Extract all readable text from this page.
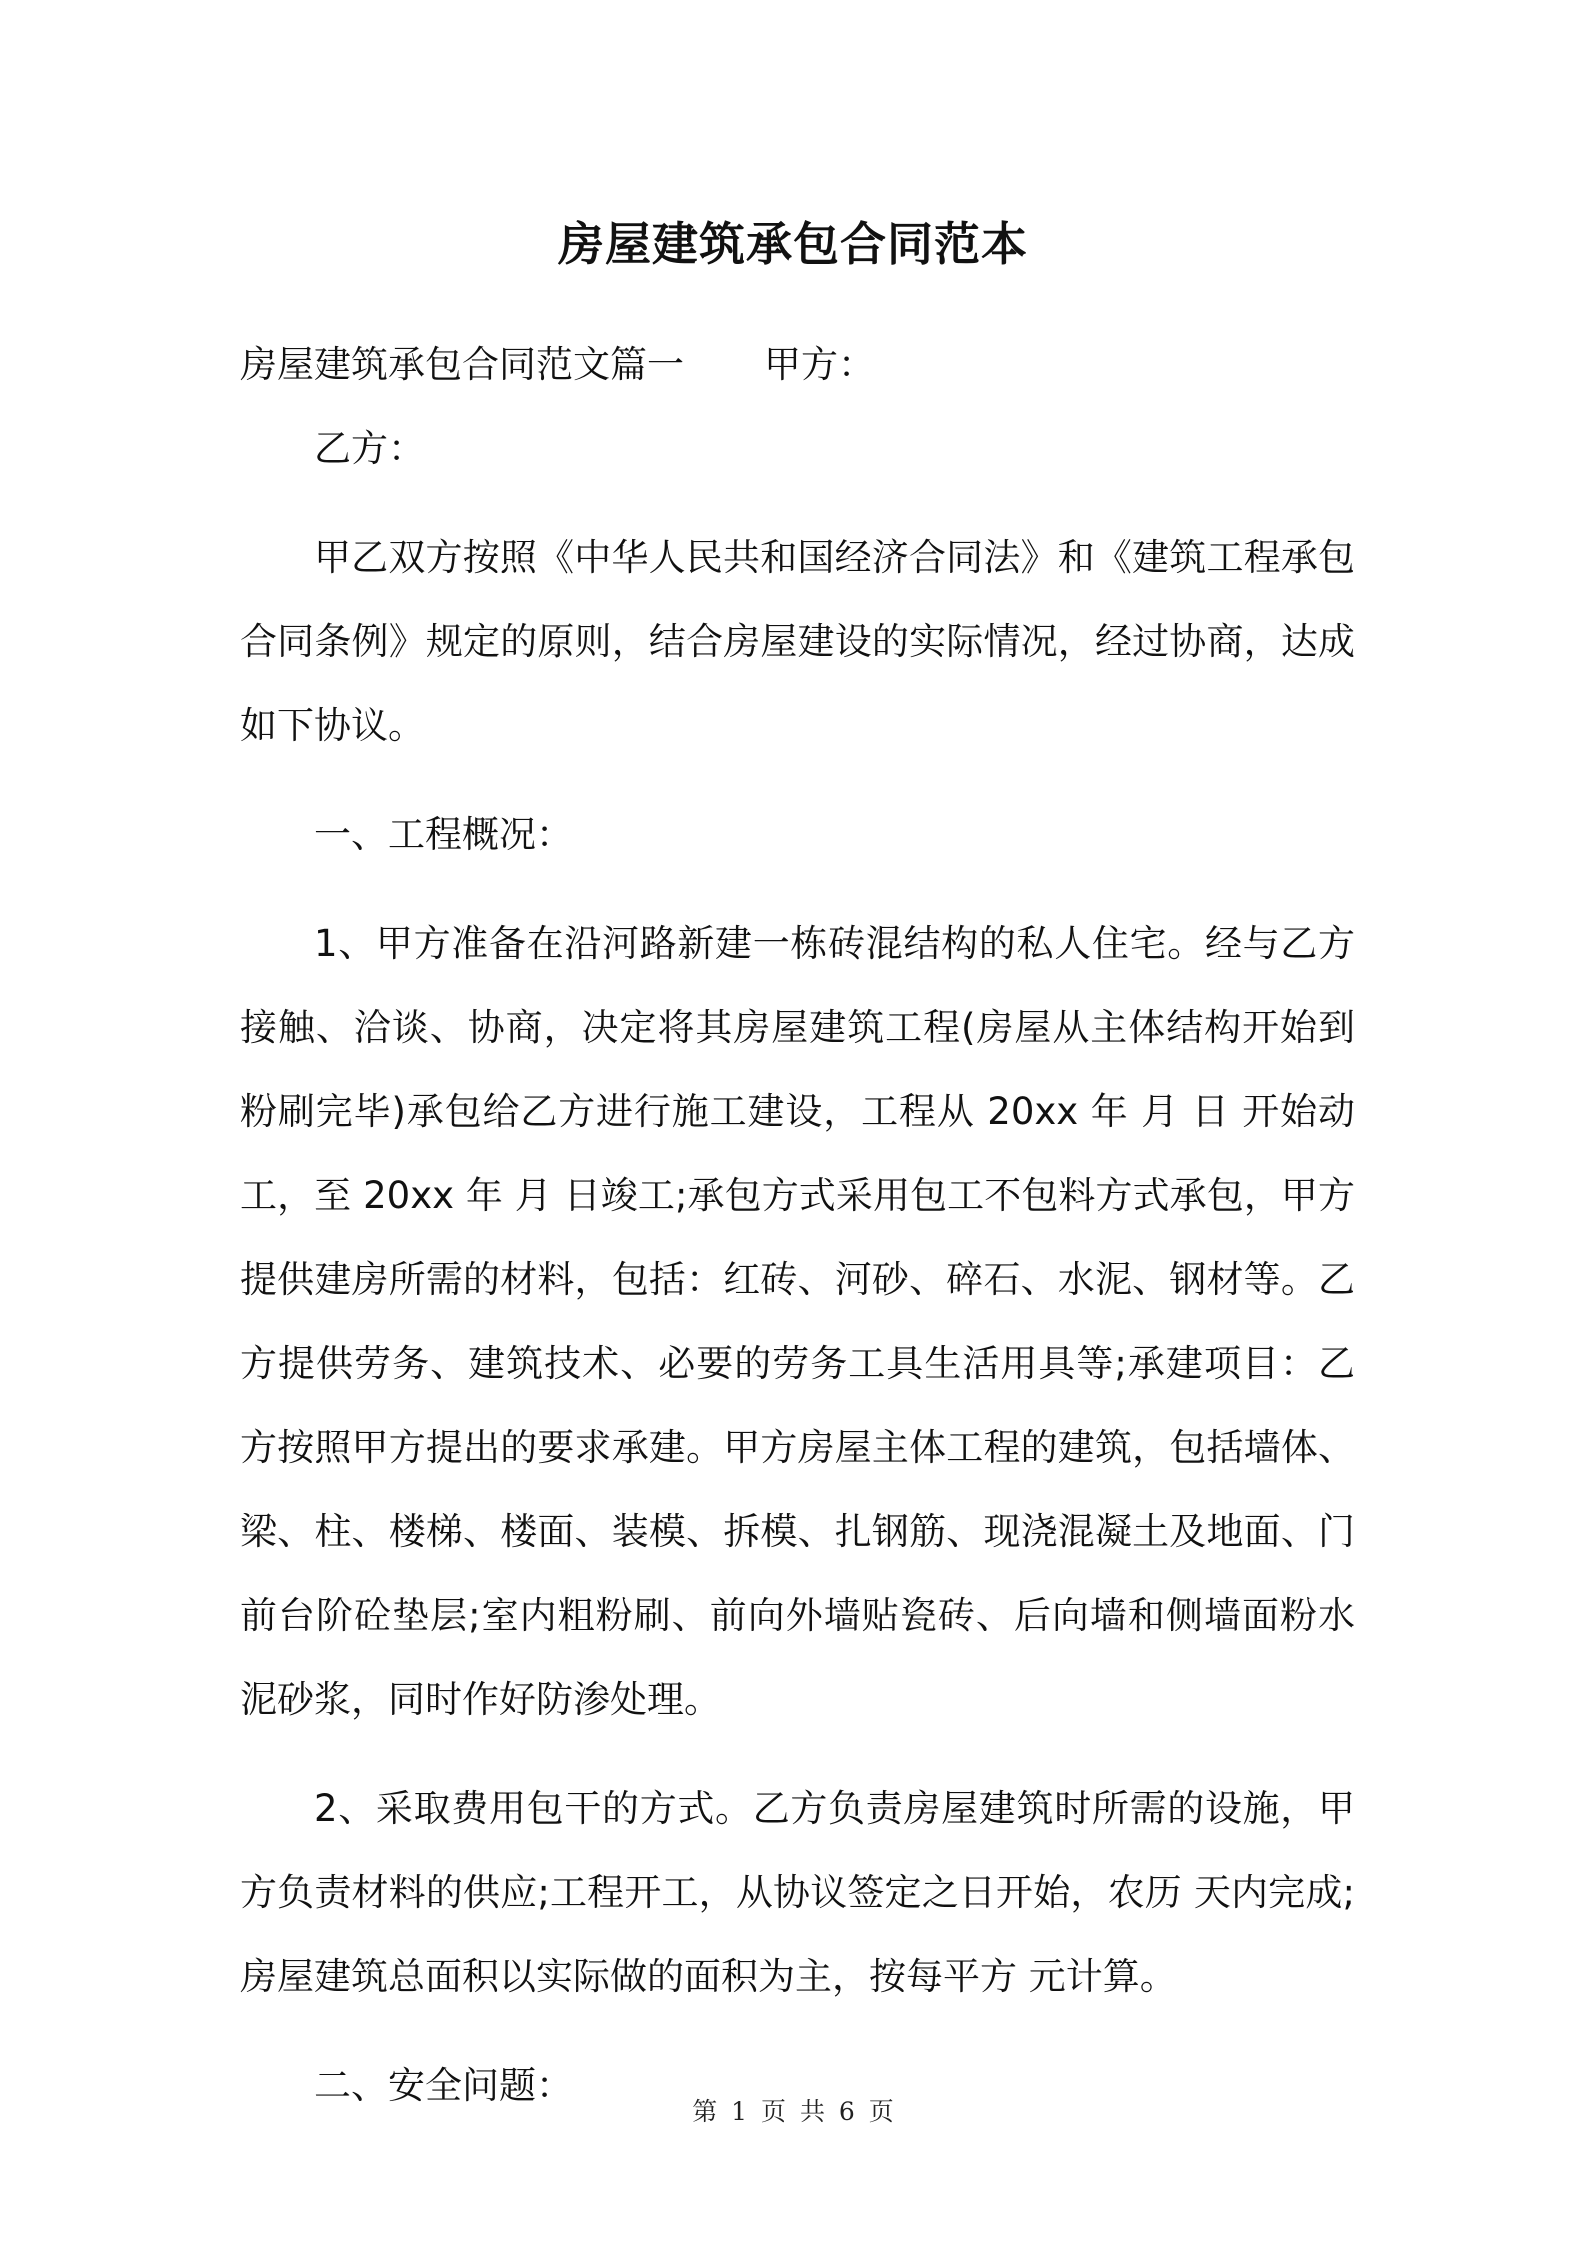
房屋建筑承包合同范本

房屋建筑承包合同范文篇一 甲方：

乙方：

甲乙双方按照《中华人民共和国经济合同法》和《建筑工程承包合同条例》规定的原则，结合房屋建设的实际情况，经过协商，达成如下协议。

一、工程概况：

1、甲方准备在沿河路新建一栋砖混结构的私人住宅。经与乙方接触、洽谈、协商，决定将其房屋建筑工程(房屋从主体结构开始到粉刷完毕)承包给乙方进行施工建设，工程从 20xx 年 月 日 开始动工，至 20xx 年 月 日竣工;承包方式采用包工不包料方式承包，甲方提供建房所需的材料，包括：红砖、河砂、碎石、水泥、钢材等。乙方提供劳务、建筑技术、必要的劳务工具生活用具等;承建项目：乙方按照甲方提出的要求承建。甲方房屋主体工程的建筑，包括墙体、梁、柱、楼梯、楼面、装模、拆模、扎钢筋、现浇混凝土及地面、门前台阶砼垫层;室内粗粉刷、前向外墙贴瓷砖、后向墙和侧墙面粉水泥砂浆，同时作好防渗处理。

2、采取费用包干的方式。乙方负责房屋建筑时所需的设施，甲方负责材料的供应;工程开工，从协议签定之日开始，农历 天内完成;房屋建筑总面积以实际做的面积为主，按每平方 元计算。

二、安全问题：

第 1 页 共 6 页
